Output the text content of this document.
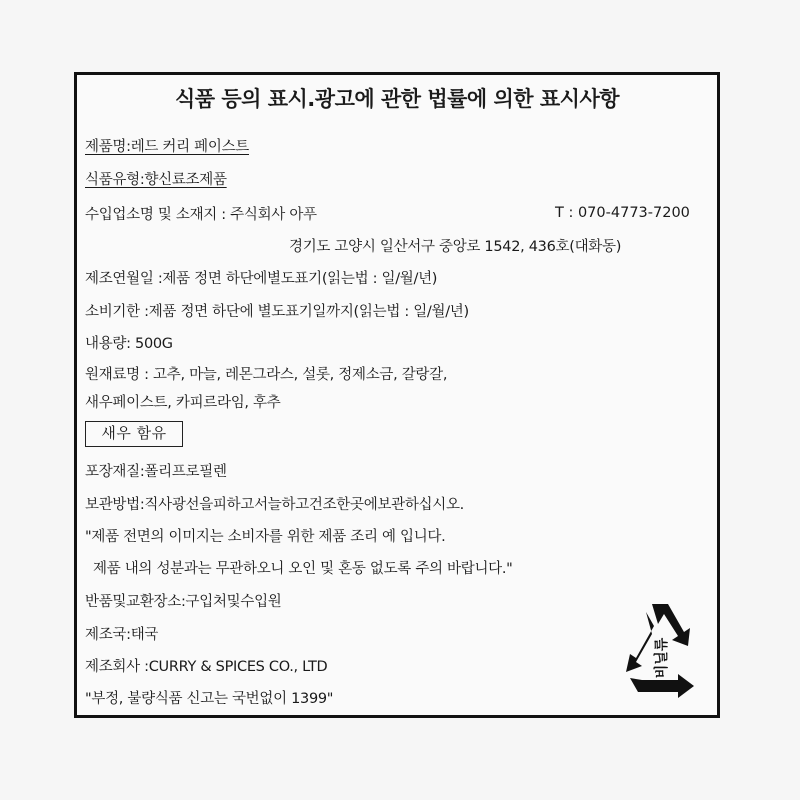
식품 등의 표시.광고에 관한 법률에 의한 표시사항
제품명:레드 커리 페이스트
식품유형:향신료조제품
수입업소명 및 소재지 : 주식회사 아푸	T : 070-4773-7200
경기도 고양시 일산서구 중앙로 1542, 436호(대화동)
제조연월일 :제품 정면 하단에별도표기(읽는법 : 일/월/년)
소비기한 :제품 정면 하단에 별도표기일까지(읽는법 : 일/월/년)
내용량: 500G
원재료명 : 고추, 마늘, 레몬그라스, 설롯, 정제소금, 갈랑갈,
새우페이스트, 카피르라임, 후추
새우 함유
포장재질:폴리프로필렌
보관방법:직사광선을피하고서늘하고건조한곳에보관하십시오.
"제품 전면의 이미지는 소비자를 위한 제품 조리 예 입니다.
제품 내의 성분과는 무관하오니 오인 및 혼동 없도록 주의 바랍니다."
반품및교환장소:구입처및수입원
제조국:태국
제조회사 :CURRY & SPICES CO., LTD
"부정, 불량식품 신고는 국번없이 1399"
비닐류
